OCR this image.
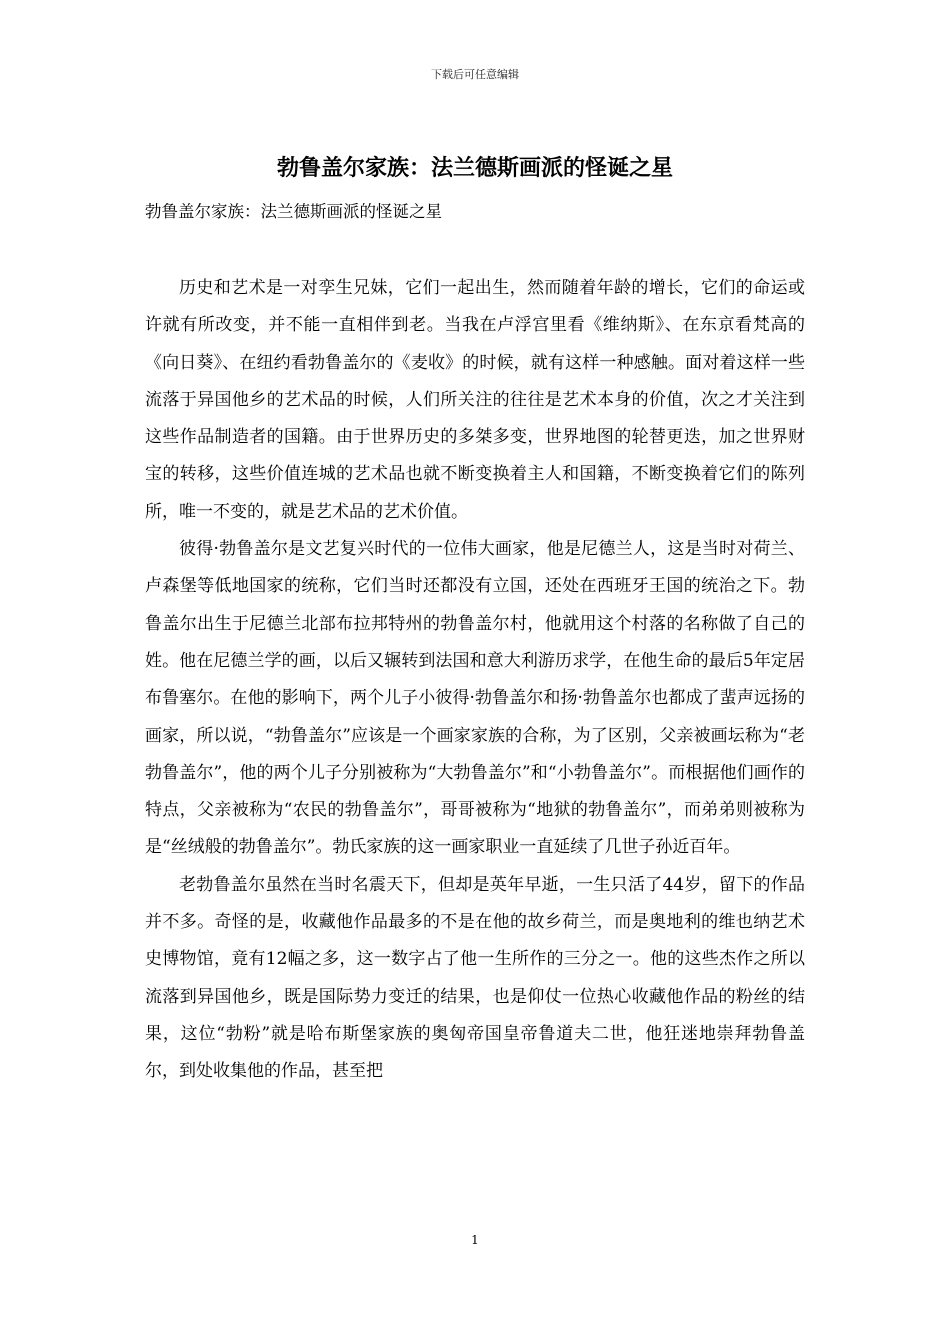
下载后可任意编辑
勃鲁盖尔家族：法兰德斯画派的怪诞之星

勃鲁盖尔家族：法兰德斯画派的怪诞之星

历史和艺术是一对孪生兄妹，它们一起出生，然而随着年龄的增长，它们的命运或许就有所改变，并不能一直相伴到老。当我在卢浮宫里看《维纳斯》、在东京看梵高的《向日葵》、在纽约看勃鲁盖尔的《麦收》的时候，就有这样一种感触。面对着这样一些流落于异国他乡的艺术品的时候，人们所关注的往往是艺术本身的价值，次之才关注到这些作品制造者的国籍。由于世界历史的多桀多变，世界地图的轮替更迭，加之世界财宝的转移，这些价值连城的艺术品也就不断变换着主人和国籍，不断变换着它们的陈列所，唯一不变的，就是艺术品的艺术价值。

彼得·勃鲁盖尔是文艺复兴时代的一位伟大画家，他是尼德兰人，这是当时对荷兰、卢森堡等低地国家的统称，它们当时还都没有立国，还处在西班牙王国的统治之下。勃鲁盖尔出生于尼德兰北部布拉邦特州的勃鲁盖尔村，他就用这个村落的名称做了自己的姓。他在尼德兰学的画，以后又辗转到法国和意大利游历求学，在他生命的最后5年定居布鲁塞尔。在他的影响下，两个儿子小彼得·勃鲁盖尔和扬·勃鲁盖尔也都成了蜚声远扬的画家，所以说，“勃鲁盖尔”应该是一个画家家族的合称，为了区别，父亲被画坛称为“老勃鲁盖尔”，他的两个儿子分别被称为“大勃鲁盖尔”和“小勃鲁盖尔”。而根据他们画作的特点，父亲被称为“农民的勃鲁盖尔”，哥哥被称为“地狱的勃鲁盖尔”，而弟弟则被称为是“丝绒般的勃鲁盖尔”。勃氏家族的这一画家职业一直延续了几世子孙近百年。

老勃鲁盖尔虽然在当时名震天下，但却是英年早逝，一生只活了44岁，留下的作品并不多。奇怪的是，收藏他作品最多的不是在他的故乡荷兰，而是奥地利的维也纳艺术史博物馆，竟有12幅之多，这一数字占了他一生所作的三分之一。他的这些杰作之所以流落到异国他乡，既是国际势力变迁的结果，也是仰仗一位热心收藏他作品的粉丝的结果，这位“勃粉”就是哈布斯堡家族的奥匈帝国皇帝鲁道夫二世，他狂迷地崇拜勃鲁盖尔，到处收集他的作品，甚至把

1
